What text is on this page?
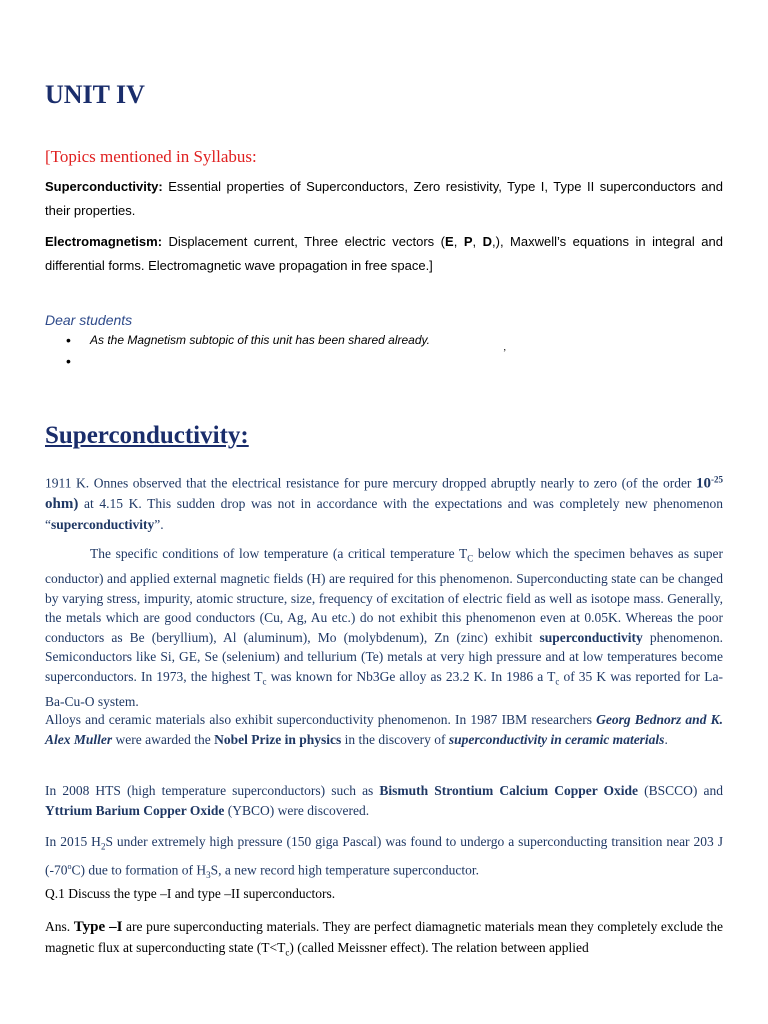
UNIT IV
[Topics mentioned in Syllabus:
Superconductivity: Essential properties of Superconductors, Zero resistivity, Type I, Type II superconductors and their properties.
Electromagnetism: Displacement current, Three electric vectors (E, P, D,), Maxwell’s equations in integral and differential forms. Electromagnetic wave propagation in free space.]
Dear students
• As the Magnetism subtopic of this unit has been shared already.
•
’
Superconductivity:

1911 K. Onnes observed that the electrical resistance for pure mercury dropped abruptly nearly to zero (of the order $10^{-25}$ ohm) at 4.15 K. This sudden drop was not in accordance with the expectations and was completely new phenomenon “superconductivity”.

The specific conditions of low temperature (a critical temperature $T_C$ below which the specimen behaves as super conductor) and applied external magnetic fields (H) are required for this phenomenon. Superconducting state can be changed by varying stress, impurity, atomic structure, size, frequency of excitation of electric field as well as isotope mass. Generally, the metals which are good conductors (Cu, Ag, Au etc.) do not exhibit this phenomenon even at 0.05K. Whereas the poor conductors as Be (beryllium), Al (aluminum), Mo (molybdenum), Zn (zinc) exhibit superconductivity phenomenon. Semiconductors like Si, GE, Se (selenium) and tellurium (Te) metals at very high pressure and at low temperatures become superconductors. In 1973, the highest $T_c$ was known for Nb3Ge alloy as 23.2 K. In 1986 a $T_c$ of 35 K was reported for La-Ba-Cu-O system.

Alloys and ceramic materials also exhibit superconductivity phenomenon. In 1987 IBM researchers Georg Bednorz and K. Alex Muller were awarded the Nobel Prize in physics in the discovery of superconductivity in ceramic materials.

In 2008 HTS (high temperature superconductors) such as Bismuth Strontium Calcium Copper Oxide (BSCCO) and Yttrium Barium Copper Oxide (YBCO) were discovered.

In 2015 $H_2S$ under extremely high pressure (150 giga Pascal) was found to undergo a superconducting transition near 203 J (-70$^o$C) due to formation of $H_3S$, a new record high temperature superconductor.

Q.1 Discuss the type –I and type –II superconductors.

Ans. Type –I are pure superconducting materials. They are perfect diamagnetic materials mean they completely exclude the magnetic flux at superconducting state $(T<T_c)$ (called Meissner effect). The relation between applied
